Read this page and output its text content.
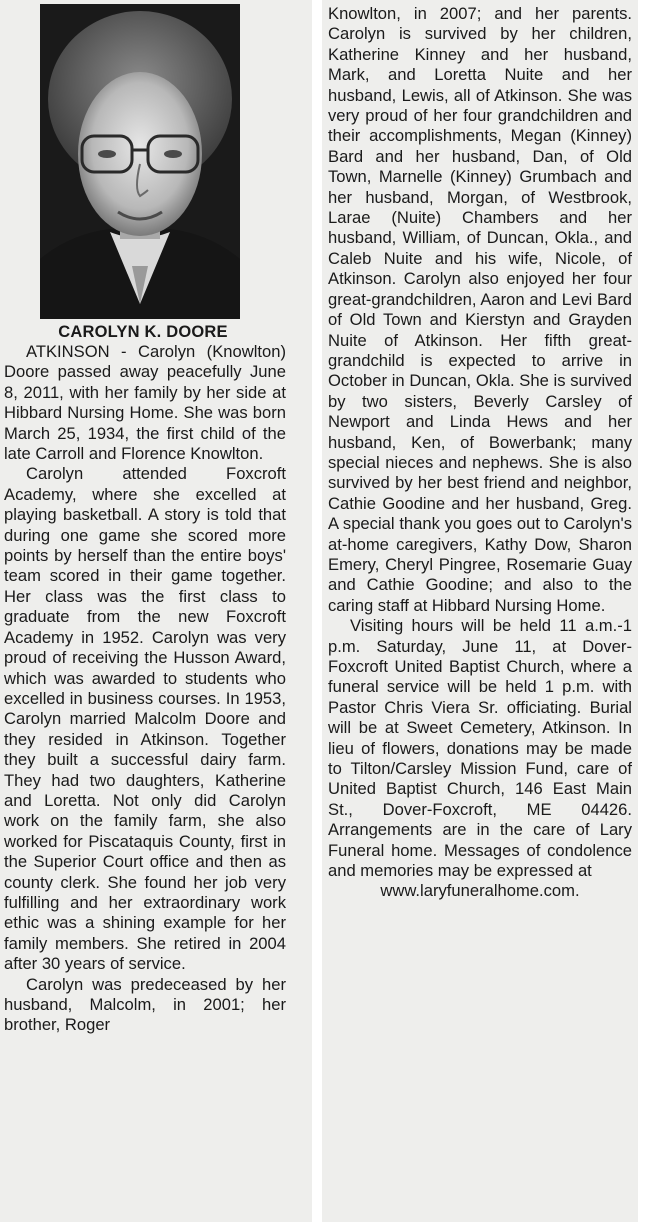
CAROLYN K. DOORE

ATKINSON - Carolyn (Knowlton) Doore passed away peacefully June 8, 2011, with her family by her side at Hibbard Nursing Home. She was born March 25, 1934, the first child of the late Carroll and Florence Knowlton.

Carolyn attended Foxcroft Academy, where she excelled at playing basketball. A story is told that during one game she scored more points by herself than the entire boys' team scored in their game together. Her class was the first class to graduate from the new Foxcroft Academy in 1952. Carolyn was very proud of receiving the Husson Award, which was awarded to students who excelled in business courses. In 1953, Carolyn married Malcolm Doore and they resided in Atkinson. Together they built a successful dairy farm. They had two daughters, Katherine and Loretta. Not only did Carolyn work on the family farm, she also worked for Piscataquis County, first in the Superior Court office and then as county clerk. She found her job very fulfilling and her extraordinary work ethic was a shining example for her family members. She retired in 2004 after 30 years of service.

Carolyn was predeceased by her husband, Malcolm, in 2001; her brother, Roger

Knowlton, in 2007; and her parents. Carolyn is survived by her children, Katherine Kinney and her husband, Mark, and Loretta Nuite and her husband, Lewis, all of Atkinson. She was very proud of her four grandchildren and their accomplishments, Megan (Kinney) Bard and her husband, Dan, of Old Town, Marnelle (Kinney) Grumbach and her husband, Morgan, of Westbrook, Larae (Nuite) Chambers and her husband, William, of Duncan, Okla., and Caleb Nuite and his wife, Nicole, of Atkinson. Carolyn also enjoyed her four great-grandchildren, Aaron and Levi Bard of Old Town and Kierstyn and Grayden Nuite of Atkinson. Her fifth great-grandchild is expected to arrive in October in Duncan, Okla. She is survived by two sisters, Beverly Carsley of Newport and Linda Hews and her husband, Ken, of Bowerbank; many special nieces and nephews. She is also survived by her best friend and neighbor, Cathie Goodine and her husband, Greg. A special thank you goes out to Carolyn's at-home caregivers, Kathy Dow, Sharon Emery, Cheryl Pingree, Rosemarie Guay and Cathie Goodine; and also to the caring staff at Hibbard Nursing Home.

Visiting hours will be held 11 a.m.-1 p.m. Saturday, June 11, at Dover-Foxcroft United Baptist Church, where a funeral service will be held 1 p.m. with Pastor Chris Viera Sr. officiating. Burial will be at Sweet Cemetery, Atkinson. In lieu of flowers, donations may be made to Tilton/Carsley Mission Fund, care of United Baptist Church, 146 East Main St., Dover-Foxcroft, ME 04426. Arrangements are in the care of Lary Funeral home. Messages of condolence and memories may be expressed at

www.laryfuneralhome.com.
